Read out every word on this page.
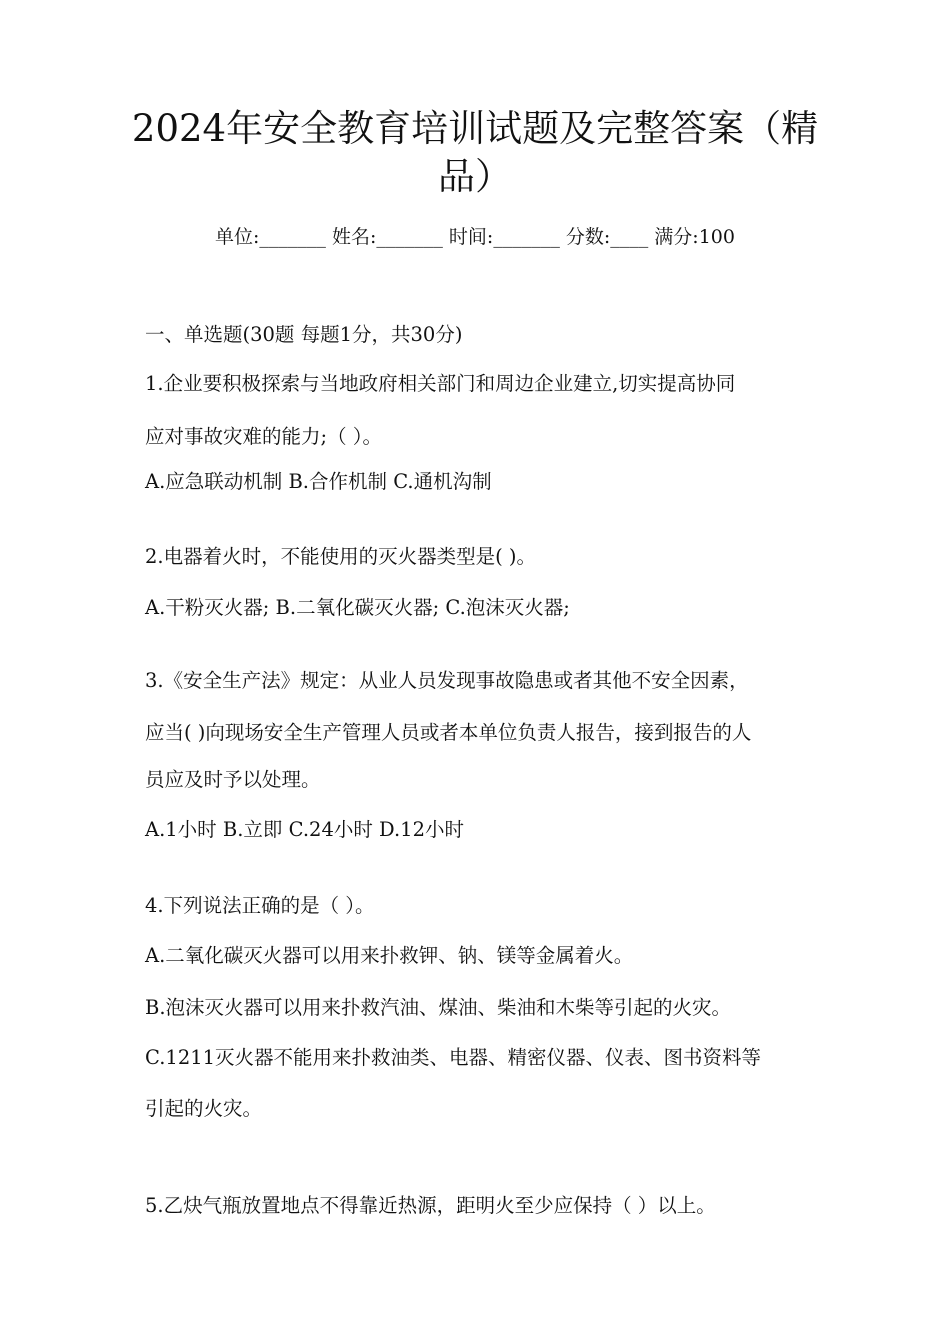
2024年安全教育培训试题及完整答案（精
品）
单位:_______ 姓名:_______ 时间:_______ 分数:____ 满分:100
一、单选题(30题 每题1分，共30分)
1.企业要积极探索与当地政府相关部门和周边企业建立,切实提高协同
应对事故灾难的能力;（ ）。
A.应急联动机制 B.合作机制 C.通机沟制
2.电器着火时，不能使用的灭火器类型是( )。
A.干粉灭火器; B.二氧化碳灭火器; C.泡沫灭火器;
3.《安全生产法》规定：从业人员发现事故隐患或者其他不安全因素，
应当( )向现场安全生产管理人员或者本单位负责人报告，接到报告的人
员应及时予以处理。
A.1小时 B.立即 C.24小时 D.12小时
4.下列说法正确的是（ ）。
A.二氧化碳灭火器可以用来扑救钾、钠、镁等金属着火。
B.泡沫灭火器可以用来扑救汽油、煤油、柴油和木柴等引起的火灾。
C.1211灭火器不能用来扑救油类、电器、精密仪器、仪表、图书资料等
引起的火灾。
5.乙炔气瓶放置地点不得靠近热源，距明火至少应保持（ ）以上。
